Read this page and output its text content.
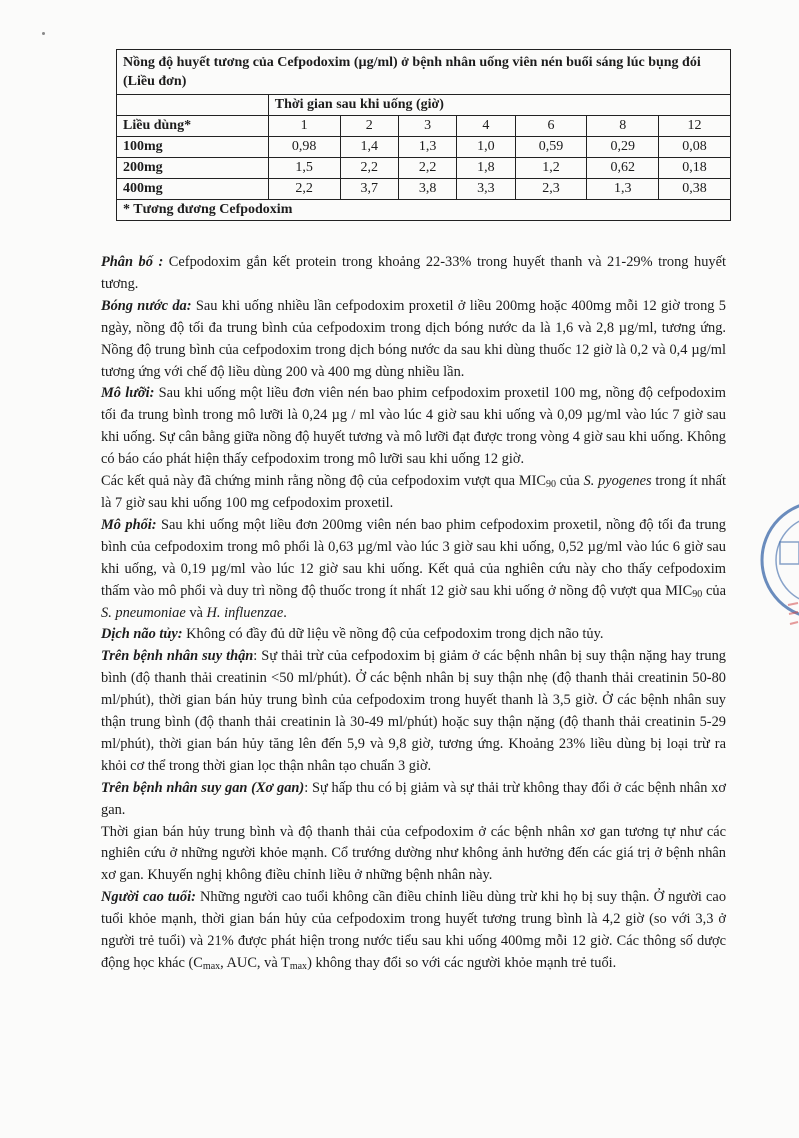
Nồng độ huyết tương của Cefpodoxim (µg/ml) ở bệnh nhân uống viên nén buổi sáng lúc bụng đói (Liều đơn)							
	Thời gian sau khi uống (giờ)						
Liều dùng*	1	2	3	4	6	8	12
100mg	0,98	1,4	1,3	1,0	0,59	0,29	0,08
200mg	1,5	2,2	2,2	1,8	1,2	0,62	0,18
400mg	2,2	3,7	3,8	3,3	2,3	1,3	0,38
* Tương đương Cefpodoxim							

Phân bố : Cefpodoxim gắn kết protein trong khoảng 22-33% trong huyết thanh và 21-29% trong huyết tương.

Bóng nước da: Sau khi uống nhiều lần cefpodoxim proxetil ở liều 200mg hoặc 400mg mỗi 12 giờ trong 5 ngày, nồng độ tối đa trung bình của cefpodoxim trong dịch bóng nước da là 1,6 và 2,8 µg/ml, tương ứng. Nồng độ trung bình của cefpodoxim trong dịch bóng nước da sau khi dùng thuốc 12 giờ là 0,2 và 0,4 µg/ml tương ứng với chế độ liều dùng 200 và 400 mg dùng nhiều lần.

Mô lưỡi: Sau khi uống một liều đơn viên nén bao phim cefpodoxim proxetil 100 mg, nồng độ cefpodoxim tối đa trung bình trong mô lưỡi là 0,24 µg / ml vào lúc 4 giờ sau khi uống và 0,09 µg/ml vào lúc 7 giờ sau khi uống. Sự cân bằng giữa nồng độ huyết tương và mô lưỡi đạt được trong vòng 4 giờ sau khi uống. Không có báo cáo phát hiện thấy cefpodoxim trong mô lưỡi sau khi uống 12 giờ.

Các kết quả này đã chứng minh rằng nồng độ của cefpodoxim vượt qua $MIC_{90}$ của S. pyogenes trong ít nhất là 7 giờ sau khi uống 100 mg cefpodoxim proxetil.

Mô phổi: Sau khi uống một liều đơn 200mg viên nén bao phim cefpodoxim proxetil, nồng độ tối đa trung bình của cefpodoxim trong mô phổi là 0,63 µg/ml vào lúc 3 giờ sau khi uống, 0,52 µg/ml vào lúc 6 giờ sau khi uống, và 0,19 µg/ml vào lúc 12 giờ sau khi uống. Kết quả của nghiên cứu này cho thấy cefpodoxim thấm vào mô phổi và duy trì nồng độ thuốc trong ít nhất 12 giờ sau khi uống ở nồng độ vượt qua $MIC_{90}$ của S. pneumoniae và H. influenzae.

Dịch não tủy: Không có đầy đủ dữ liệu về nồng độ của cefpodoxim trong dịch não tủy.

Trên bệnh nhân suy thận: Sự thải trừ của cefpodoxim bị giảm ở các bệnh nhân bị suy thận nặng hay trung bình (độ thanh thải creatinin <50 ml/phút). Ở các bệnh nhân bị suy thận nhẹ (độ thanh thải creatinin 50-80 ml/phút), thời gian bán hủy trung bình của cefpodoxim trong huyết thanh là 3,5 giờ. Ở các bệnh nhân suy thận trung bình (độ thanh thải creatinin là 30-49 ml/phút) hoặc suy thận nặng (độ thanh thải creatinin 5-29 ml/phút), thời gian bán hủy tăng lên đến 5,9 và 9,8 giờ, tương ứng. Khoảng 23% liều dùng bị loại trừ ra khỏi cơ thể trong thời gian lọc thận nhân tạo chuẩn 3 giờ.

Trên bệnh nhân suy gan (Xơ gan): Sự hấp thu có bị giảm và sự thải trừ không thay đổi ở các bệnh nhân xơ gan.

Thời gian bán hủy trung bình và độ thanh thải của cefpodoxim ở các bệnh nhân xơ gan tương tự như các nghiên cứu ở những người khỏe mạnh. Cổ trướng dường như không ảnh hưởng đến các giá trị ở bệnh nhân xơ gan. Khuyến nghị không điều chỉnh liều ở những bệnh nhân này.

Người cao tuổi: Những người cao tuổi không cần điều chỉnh liều dùng trừ khi họ bị suy thận. Ở người cao tuổi khỏe mạnh, thời gian bán hủy của cefpodoxim trong huyết tương trung bình là 4,2 giờ (so với 3,3 ở người trẻ tuổi) và 21% được phát hiện trong nước tiểu sau khi uống 400mg mỗi 12 giờ. Các thông số dược động học khác ($C_{max}$, AUC, và $T_{max}$) không thay đổi so với các người khỏe mạnh trẻ tuổi.
